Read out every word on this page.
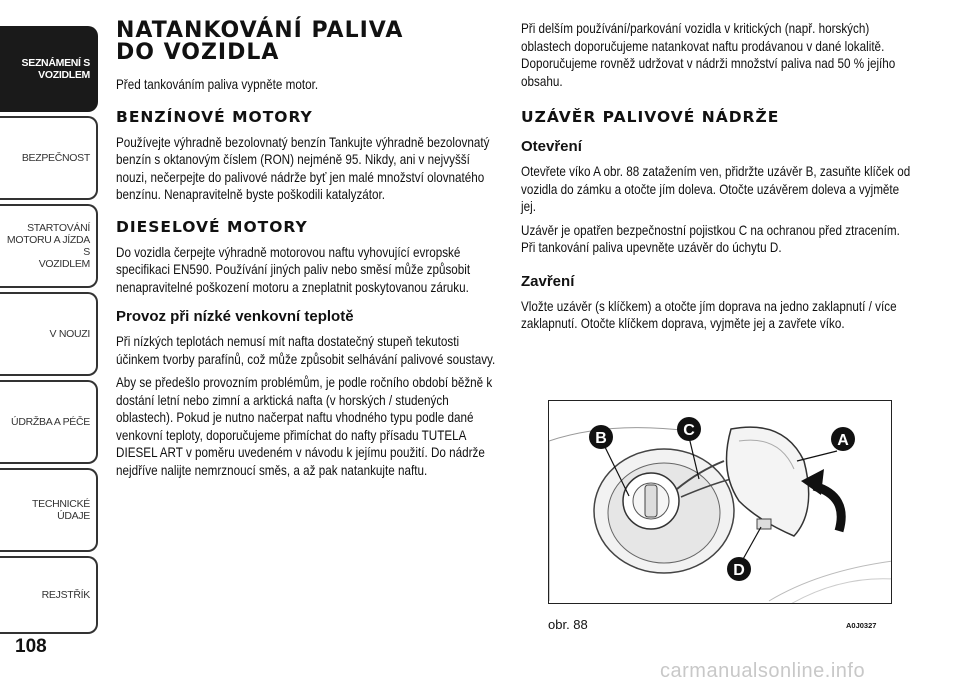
SEZNÁMENÍ S
VOZIDLEM
BEZPEČNOST
STARTOVÁNÍ
MOTORU A JÍZDA S
VOZIDLEM
V NOUZI
ÚDRŽBA A PÉČE
TECHNICKÉ ÚDAJE
REJSTŘÍK
108
NATANKOVÁNÍ PALIVA DO VOZIDLA

Před tankováním paliva vypněte motor.

BENZÍNOVÉ MOTORY

Používejte výhradně bezolovnatý benzín Tankujte výhradně bezolovnatý benzín s oktanovým číslem (RON) nejméně 95. Nikdy, ani v nejvyšší nouzi, nečerpejte do palivové nádrže byť jen malé množství olovnatého benzínu. Nenapravitelně byste poškodili katalyzátor.

DIESELOVÉ MOTORY

Do vozidla čerpejte výhradně motorovou naftu vyhovující evropské specifikaci EN590. Používání jiných paliv nebo směsí může způsobit nenapravitelné poškození motoru a zneplatnit poskytovanou záruku.

Provoz při nízké venkovní teplotě

Při nízkých teplotách nemusí mít nafta dostatečný stupeň tekutosti účinkem tvorby parafínů, což může způsobit selhávání palivové soustavy.

Aby se předešlo provozním problémům, je podle ročního období běžně k dostání letní nebo zimní a arktická nafta (v horských / studených oblastech). Pokud je nutno načerpat naftu vhodného typu podle dané venkovní teploty, doporučujeme přimíchat do nafty přísadu TUTELA DIESEL ART v poměru uvedeném v návodu k jejímu použití. Do nádrže nejdříve nalijte nemrznoucí směs, a až pak natankujte naftu.

Při delším používání/parkování vozidla v kritických (např. horských) oblastech doporučujeme natankovat naftu prodávanou v dané lokalitě. Doporučujeme rovněž udržovat v nádrži množství paliva nad 50 % jejího obsahu.

UZÁVĚR PALIVOVÉ NÁDRŽE
Otevření

Otevřete víko A obr. 88 zatažením ven, přidržte uzávěr B, zasuňte klíček od vozidla do zámku a otočte jím doleva. Otočte uzávěrem doleva a vyjměte jej.

Uzávěr je opatřen bezpečnostní pojistkou C na ochranou před ztracením. Při tankování paliva upevněte uzávěr do úchytu D.

Zavření

Vložte uzávěr (s klíčkem) a otočte jím doprava na jedno zaklapnutí / více zaklapnutí. Otočte klíčkem doprava, vyjměte jej a zavřete víko.

A
B	C
D
obr. 88	A0J0327
carmanualsonline.info
